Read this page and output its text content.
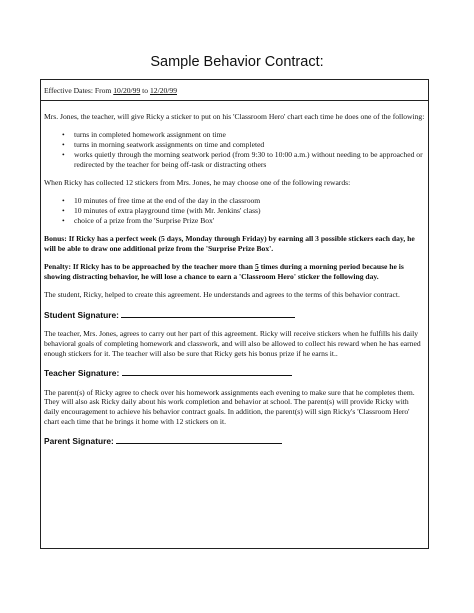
Sample Behavior Contract:
Effective Dates: From 10/20/99 to 12/20/99

Mrs. Jones, the teacher, will give Ricky a sticker to put on his 'Classroom Hero' chart each time he does one of the following:

• turns in completed homework assignment on time
• turns in morning seatwork assignments on time and completed
• works quietly through the morning seatwork period (from 9:30 to 10:00 a.m.) without needing to be approached or redirected by the teacher for being off-task or distracting others

When Ricky has collected 12 stickers from Mrs. Jones, he may choose one of the following rewards:

• 10 minutes of free time at the end of the day in the classroom
• 10 minutes of extra playground time (with Mr. Jenkins' class)
• choice of a prize from the 'Surprise Prize Box'

Bonus: If Ricky has a perfect week (5 days, Monday through Friday) by earning all 3 possible stickers each day, he will be able to draw one additional prize from the 'Surprise Prize Box'.

Penalty: If Ricky has to be approached by the teacher more than 5 times during a morning period because he is showing distracting behavior, he will lose a chance to earn a 'Classroom Hero' sticker the following day.

The student, Ricky, helped to create this agreement. He understands and agrees to the terms of this behavior contract.

Student Signature:

The teacher, Mrs. Jones, agrees to carry out her part of this agreement. Ricky will receive stickers when he fulfills his daily behavioral goals of completing homework and classwork, and will also be allowed to collect his reward when he has earned enough stickers for it. The teacher will also be sure that Ricky gets his bonus prize if he earns it..

Teacher Signature:

The parent(s) of Ricky agree to check over his homework assignments each evening to make sure that he completes them. They will also ask Ricky daily about his work completion and behavior at school. The parent(s) will provide Ricky with daily encouragement to achieve his behavior contract goals. In addition, the parent(s) will sign Ricky's 'Classroom Hero' chart each time that he brings it home with 12 stickers on it.

Parent Signature:
